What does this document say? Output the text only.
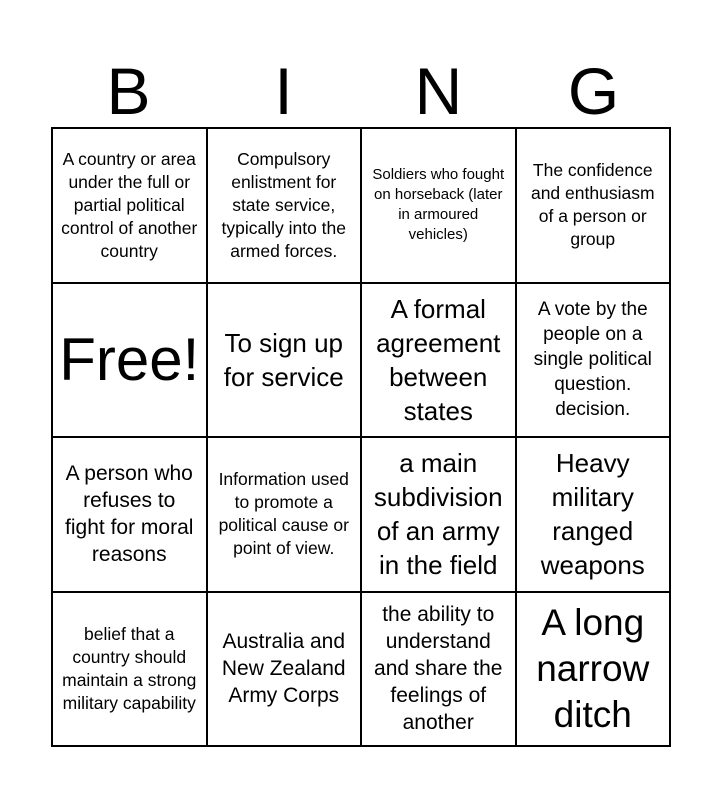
B	I	N	G
A country or area under the full or partial political control of another country
Compulsory enlistment for state service, typically into the armed forces.
Soldiers who fought on horseback (later in armoured vehicles)
The confidence and enthusiasm of a person or group
Free! To sign up for service
A formal agreement between states
A vote by the people on a single political question. decision.
A person who refuses to fight for moral reasons
Information used to promote a political cause or point of view.
a main subdivision of an army in the field
Heavy military ranged weapons
belief that a country should maintain a strong military capability
Australia and New Zealand Army Corps
the ability to understand and share the feelings of another
A long narrow ditch
